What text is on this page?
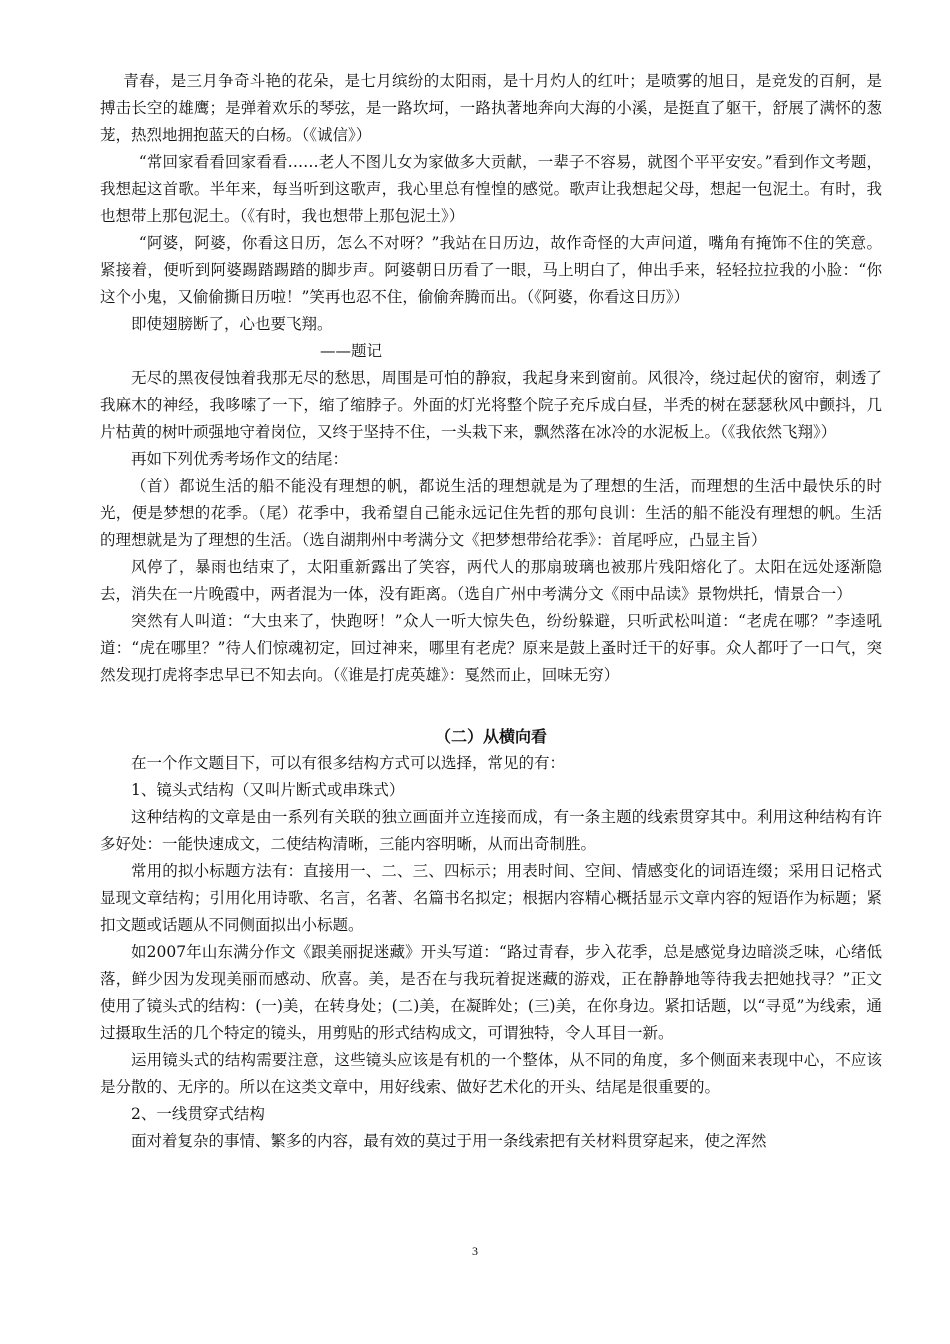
青春，是三月争奇斗艳的花朵，是七月缤纷的太阳雨，是十月灼人的红叶；是喷雾的旭日，是竞发的百舸，是搏击长空的雄鹰；是弹着欢乐的琴弦，是一路坎坷，一路执著地奔向大海的小溪，是挺直了躯干，舒展了满怀的葱茏，热烈地拥抱蓝天的白杨。（《诚信》）

“常回家看看回家看看……老人不图儿女为家做多大贡献，一辈子不容易，就图个平平安安。”看到作文考题，我想起这首歌。半年来，每当听到这歌声，我心里总有惶惶的感觉。歌声让我想起父母，想起一包泥土。有时，我也想带上那包泥土。（《有时，我也想带上那包泥土》）

“阿婆，阿婆，你看这日历，怎么不对呀？”我站在日历边，故作奇怪的大声问道，嘴角有掩饰不住的笑意。紧接着，便听到阿婆踢踏踢踏的脚步声。阿婆朝日历看了一眼，马上明白了，伸出手来，轻轻拉拉我的小脸：“你这个小鬼，又偷偷撕日历啦！”笑再也忍不住，偷偷奔腾而出。（《阿婆，你看这日历》）

即使翅膀断了，心也要飞翔。

——题记

无尽的黑夜侵蚀着我那无尽的愁思，周围是可怕的静寂，我起身来到窗前。风很冷，绕过起伏的窗帘，刺透了我麻木的神经，我哆嗦了一下，缩了缩脖子。外面的灯光将整个院子充斥成白昼，半秃的树在瑟瑟秋风中颤抖，几片枯黄的树叶顽强地守着岗位，又终于坚持不住，一头栽下来，飘然落在冰冷的水泥板上。（《我依然飞翔》）

再如下列优秀考场作文的结尾：

（首）都说生活的船不能没有理想的帆，都说生活的理想就是为了理想的生活，而理想的生活中最快乐的时光，便是梦想的花季。（尾）花季中，我希望自己能永远记住先哲的那句良训：生活的船不能没有理想的帆。生活的理想就是为了理想的生活。（选自湖荆州中考满分文《把梦想带给花季》：首尾呼应，凸显主旨）

风停了，暴雨也结束了，太阳重新露出了笑容，两代人的那扇玻璃也被那片残阳熔化了。太阳在远处逐渐隐去，消失在一片晚霞中，两者混为一体，没有距离。（选自广州中考满分文《雨中品读》景物烘托，情景合一）

突然有人叫道：“大虫来了，快跑呀！”众人一听大惊失色，纷纷躲避，只听武松叫道：“老虎在哪？”李逵吼道：“虎在哪里？”待人们惊魂初定，回过神来，哪里有老虎？原来是鼓上蚤时迁干的好事。众人都吁了一口气，突然发现打虎将李忠早已不知去向。（《谁是打虎英雄》：戛然而止，回味无穷）

（二）从横向看

在一个作文题目下，可以有很多结构方式可以选择，常见的有：

1、镜头式结构（又叫片断式或串珠式）

这种结构的文章是由一系列有关联的独立画面并立连接而成，有一条主题的线索贯穿其中。利用这种结构有许多好处：一能快速成文，二使结构清晰，三能内容明晰，从而出奇制胜。

常用的拟小标题方法有：直接用一、二、三、四标示；用表时间、空间、情感变化的词语连缀；采用日记格式显现文章结构；引用化用诗歌、名言，名著、名篇书名拟定；根据内容精心概括显示文章内容的短语作为标题；紧扣文题或话题从不同侧面拟出小标题。

如2007年山东满分作文《跟美丽捉迷藏》开头写道：“路过青春，步入花季，总是感觉身边暗淡乏味，心绪低落，鲜少因为发现美丽而感动、欣喜。美，是否在与我玩着捉迷藏的游戏，正在静静地等待我去把她找寻？”正文使用了镜头式的结构：(一)美，在转身处；(二)美，在凝眸处；(三)美，在你身边。紧扣话题，以“寻觅”为线索，通过摄取生活的几个特定的镜头，用剪贴的形式结构成文，可谓独特，令人耳目一新。

运用镜头式的结构需要注意，这些镜头应该是有机的一个整体，从不同的角度，多个侧面来表现中心，不应该是分散的、无序的。所以在这类文章中，用好线索、做好艺术化的开头、结尾是很重要的。

2、一线贯穿式结构

面对着复杂的事情、繁多的内容，最有效的莫过于用一条线索把有关材料贯穿起来，使之浑然

3
